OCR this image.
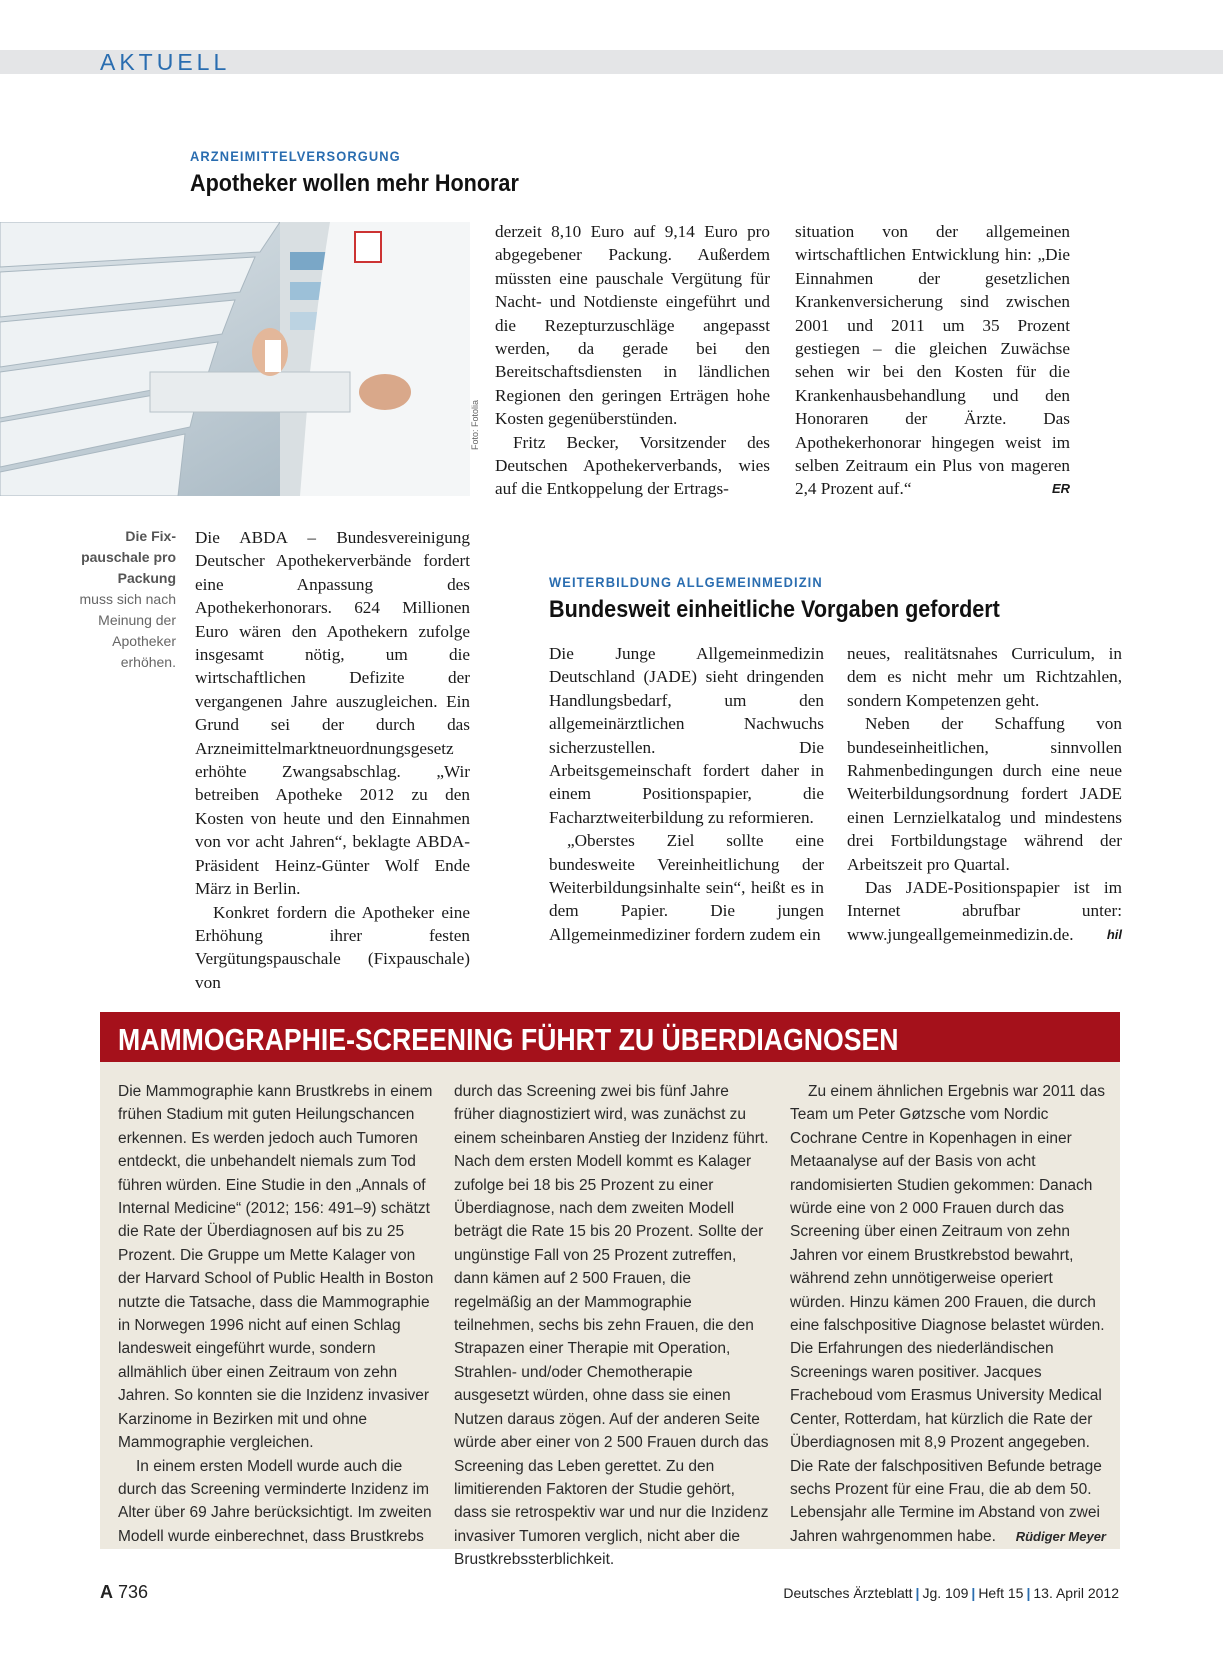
AKTUELL
ARZNEIMITTELVERSORGUNG
Apotheker wollen mehr Honorar
Foto: Fotolia
Die Fix- pauschale pro Packung
muss sich nach Meinung der Apotheker erhöhen.

Die ABDA – Bundesvereinigung Deutscher Apothekerverbände fordert eine Anpassung des Apothekerhonorars. 624 Millionen Euro wären den Apothekern zufolge insgesamt nötig, um die wirtschaftlichen Defizite der vergangenen Jahre auszugleichen. Ein Grund sei der durch das Arzneimittelmarktneuordnungsgesetz erhöhte Zwangsabschlag. „Wir betreiben Apotheke 2012 zu den Kosten von heute und den Einnahmen von vor acht Jahren“, beklagte ABDA-Präsident Heinz-Günter Wolf Ende März in Berlin.

Konkret fordern die Apotheker eine Erhöhung ihrer festen Vergütungspauschale (Fixpauschale) von

derzeit 8,10 Euro auf 9,14 Euro pro abgegebener Packung. Außerdem müssten eine pauschale Vergütung für Nacht- und Notdienste eingeführt und die Rezepturzuschläge angepasst werden, da gerade bei den Bereitschaftsdiensten in ländlichen Regionen den geringen Erträgen hohe Kosten gegenüberstünden.

Fritz Becker, Vorsitzender des Deutschen Apothekerverbands, wies auf die Entkoppelung der Ertrags-

situation von der allgemeinen wirtschaftlichen Entwicklung hin: „Die Einnahmen der gesetzlichen Krankenversicherung sind zwischen 2001 und 2011 um 35 Prozent gestiegen – die gleichen Zuwächse sehen wir bei den Kosten für die Krankenhausbehandlung und den Honoraren der Ärzte. Das Apothekerhonorar hingegen weist im selben Zeitraum ein Plus von mageren 2,4 Prozent auf.“	ER

WEITERBILDUNG ALLGEMEINMEDIZIN
Bundesweit einheitliche Vorgaben gefordert

Die Junge Allgemeinmedizin Deutschland (JADE) sieht dringenden Handlungsbedarf, um den allgemeinärztlichen Nachwuchs sicherzustellen. Die Arbeitsgemeinschaft fordert daher in einem Positionspapier, die Facharztweiterbildung zu reformieren.

„Oberstes Ziel sollte eine bundesweite Vereinheitlichung der Weiterbildungsinhalte sein“, heißt es in dem Papier. Die jungen Allgemeinmediziner fordern zudem ein

neues, realitätsnahes Curriculum, in dem es nicht mehr um Richtzahlen, sondern Kompetenzen geht.

Neben der Schaffung von bundeseinheitlichen, sinnvollen Rahmenbedingungen durch eine neue Weiterbildungsordnung fordert JADE einen Lernzielkatalog und mindestens drei Fortbildungstage während der Arbeitszeit pro Quartal.

Das JADE-Positionspapier ist im Internet abrufbar unter: www.jungeallgemeinmedizin.de.	hil

MAMMOGRAPHIE-SCREENING FÜHRT ZU ÜBERDIAGNOSEN

Die Mammographie kann Brustkrebs in einem frühen Stadium mit guten Heilungschancen erkennen. Es werden jedoch auch Tumoren entdeckt, die unbehandelt niemals zum Tod führen würden. Eine Studie in den „Annals of Internal Medicine“ (2012; 156: 491–9) schätzt die Rate der Überdiagnosen auf bis zu 25 Prozent. Die Gruppe um Mette Kalager von der Harvard School of Public Health in Boston nutzte die Tatsache, dass die Mammographie in Norwegen 1996 nicht auf einen Schlag landesweit eingeführt wurde, sondern allmählich über einen Zeitraum von zehn Jahren. So konnten sie die Inzidenz invasiver Karzinome in Bezirken mit und ohne Mammographie vergleichen.

In einem ersten Modell wurde auch die durch das Screening verminderte Inzidenz im Alter über 69 Jahre berücksichtigt. Im zweiten Modell wurde einberechnet, dass Brustkrebs

durch das Screening zwei bis fünf Jahre früher diagnostiziert wird, was zunächst zu einem scheinbaren Anstieg der Inzidenz führt. Nach dem ersten Modell kommt es Kalager zufolge bei 18 bis 25 Prozent zu einer Überdiagnose, nach dem zweiten Modell beträgt die Rate 15 bis 20 Prozent. Sollte der ungünstige Fall von 25 Prozent zutreffen, dann kämen auf 2 500 Frauen, die regelmäßig an der Mammographie teilnehmen, sechs bis zehn Frauen, die den Strapazen einer Therapie mit Operation, Strahlen- und/oder Chemotherapie ausgesetzt würden, ohne dass sie einen Nutzen daraus zögen. Auf der anderen Seite würde aber einer von 2 500 Frauen durch das Screening das Leben gerettet. Zu den limitierenden Faktoren der Studie gehört, dass sie retrospektiv war und nur die Inzidenz invasiver Tumoren verglich, nicht aber die Brustkrebssterblichkeit.

Zu einem ähnlichen Ergebnis war 2011 das Team um Peter Gøtzsche vom Nordic Cochrane Centre in Kopenhagen in einer Metaanalyse auf der Basis von acht randomisierten Studien gekommen: Danach würde eine von 2 000 Frauen durch das Screening über einen Zeitraum von zehn Jahren vor einem Brustkrebstod bewahrt, während zehn unnötigerweise operiert würden. Hinzu kämen 200 Frauen, die durch eine falschpositive Diagnose belastet würden. Die Erfahrungen des niederländischen Screenings waren positiver. Jacques Fracheboud vom Erasmus University Medical Center, Rotterdam, hat kürzlich die Rate der Überdiagnosen mit 8,9 Prozent angegeben. Die Rate der falschpositiven Befunde betrage sechs Prozent für eine Frau, die ab dem 50. Lebensjahr alle Termine im Abstand von zwei Jahren wahrgenommen habe.	Rüdiger Meyer

A 736	Deutsches Ärzteblatt | Jg. 109 | Heft 15 | 13. April 2012
